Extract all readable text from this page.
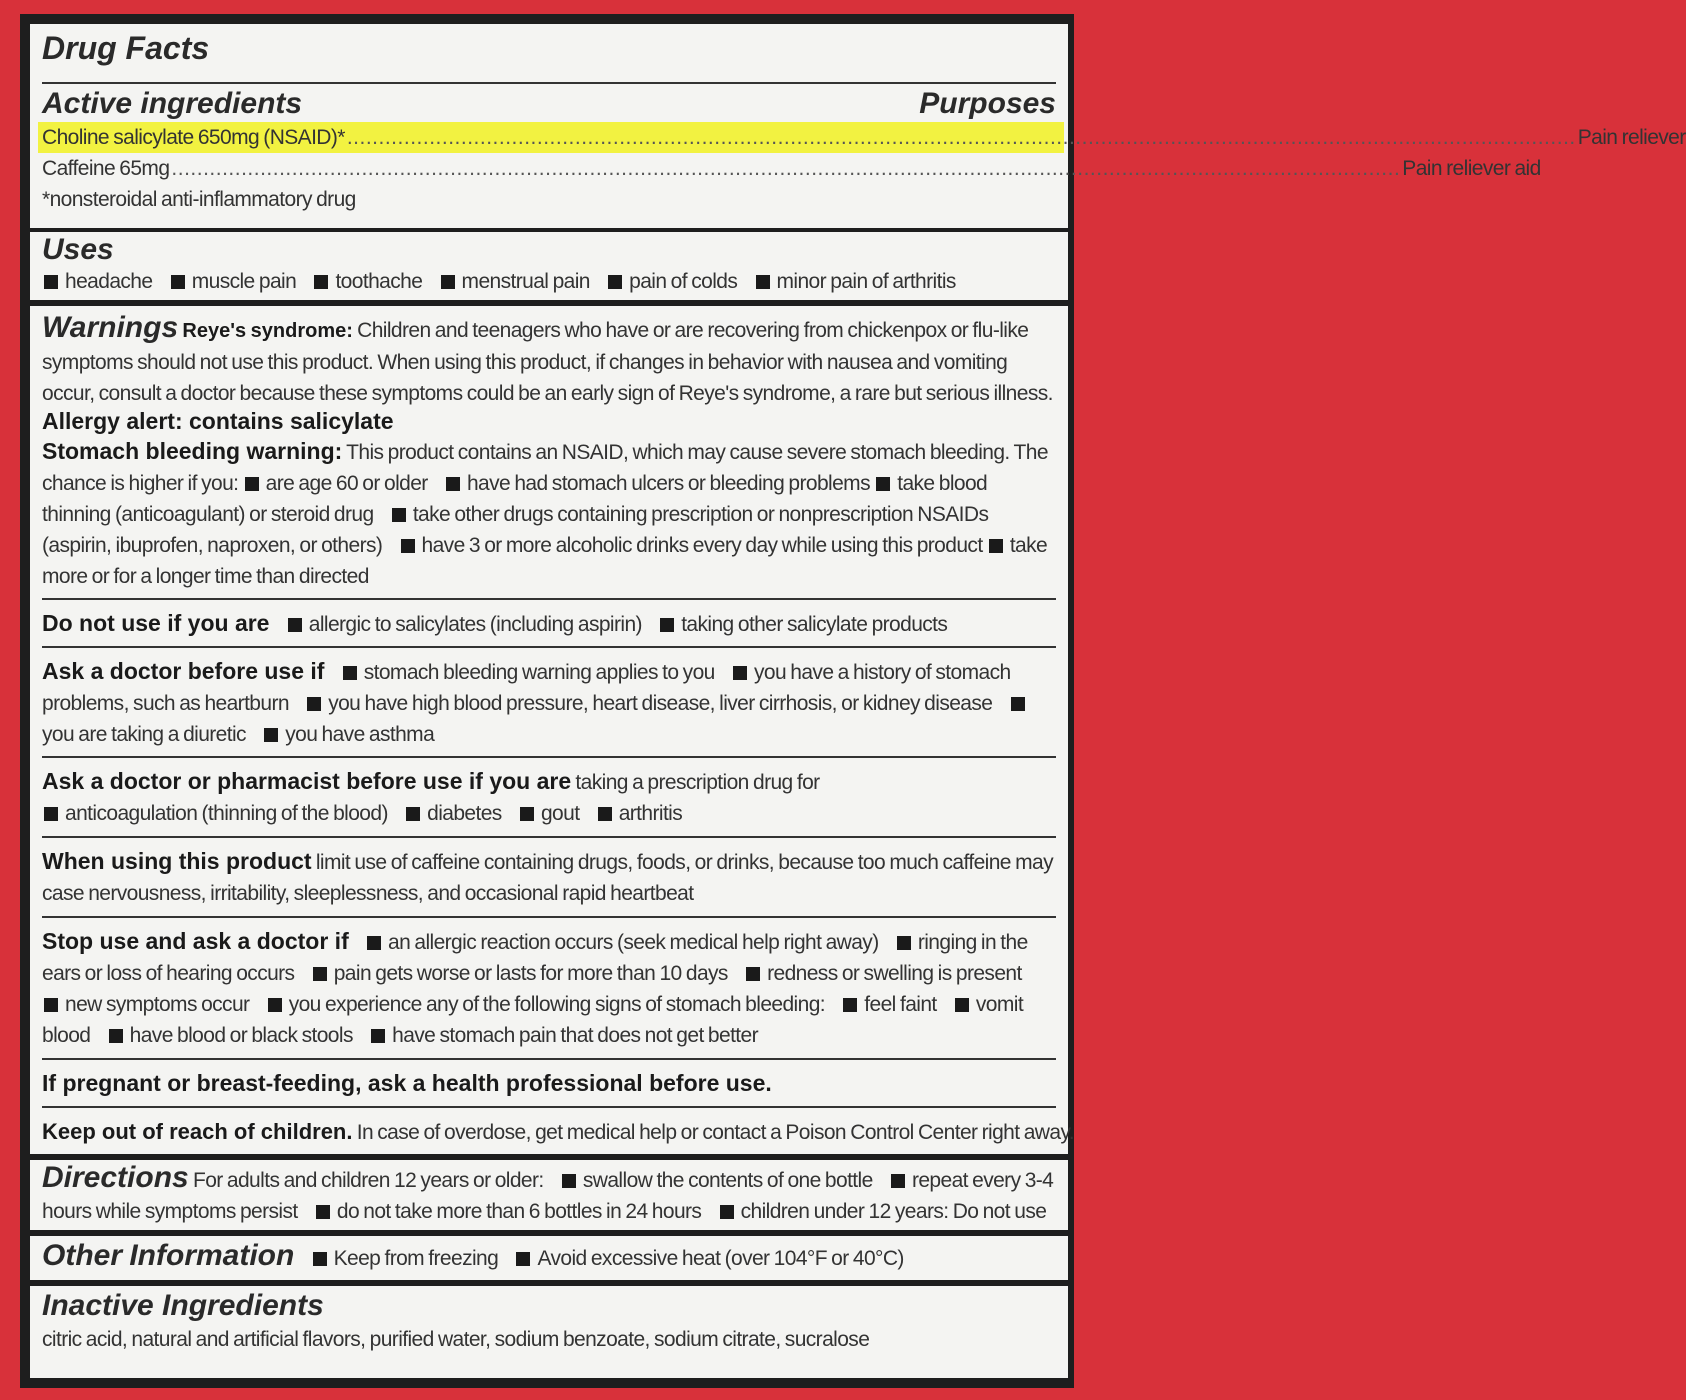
Drug Facts
Active ingredients	Purposes
Choline salicylate 650mg (NSAID)* .................................................................................................................................................................................................. Pain reliever
Caffeine 65mg .................................................................................................................................................................................................. Pain reliever aid
*nonsteroidal anti-inflammatory drug
Uses
headache muscle pain toothache menstrual pain pain of colds minor pain of arthritis
Warnings Reye's syndrome: Children and teenagers who have or are recovering from chickenpox or flu-like symptoms should not use this product. When using this product, if changes in behavior with nausea and vomiting occur, consult a doctor because these symptoms could be an early sign of Reye's syndrome, a rare but serious illness.
Allergy alert: contains salicylate
Stomach bleeding warning: This product contains an NSAID, which may cause severe stomach bleeding. The chance is higher if you: are age 60 or older have had stomach ulcers or bleeding problems take blood thinning (anticoagulant) or steroid drug take other drugs containing prescription or nonprescription NSAIDs (aspirin, ibuprofen, naproxen, or others) have 3 or more alcoholic drinks every day while using this product take more or for a longer time than directed
Do not use if you are allergic to salicylates (including aspirin) taking other salicylate products
Ask a doctor before use if stomach bleeding warning applies to you you have a history of stomach problems, such as heartburn you have high blood pressure, heart disease, liver cirrhosis, or kidney disease you are taking a diuretic you have asthma
Ask a doctor or pharmacist before use if you are taking a prescription drug for
anticoagulation (thinning of the blood) diabetes gout arthritis
When using this product limit use of caffeine containing drugs, foods, or drinks, because too much caffeine may case nervousness, irritability, sleeplessness, and occasional rapid heartbeat
Stop use and ask a doctor if an allergic reaction occurs (seek medical help right away) ringing in the ears or loss of hearing occurs pain gets worse or lasts for more than 10 days redness or swelling is present new symptoms occur you experience any of the following signs of stomach bleeding: feel faint vomit blood have blood or black stools have stomach pain that does not get better
If pregnant or breast-feeding, ask a health professional before use.
Keep out of reach of children. In case of overdose, get medical help or contact a Poison Control Center right away.
Directions For adults and children 12 years or older: swallow the contents of one bottle repeat every 3-4 hours while symptoms persist do not take more than 6 bottles in 24 hours children under 12 years: Do not use
Other Information Keep from freezing Avoid excessive heat (over 104°F or 40°C)
Inactive Ingredients
citric acid, natural and artificial flavors, purified water, sodium benzoate, sodium citrate, sucralose
